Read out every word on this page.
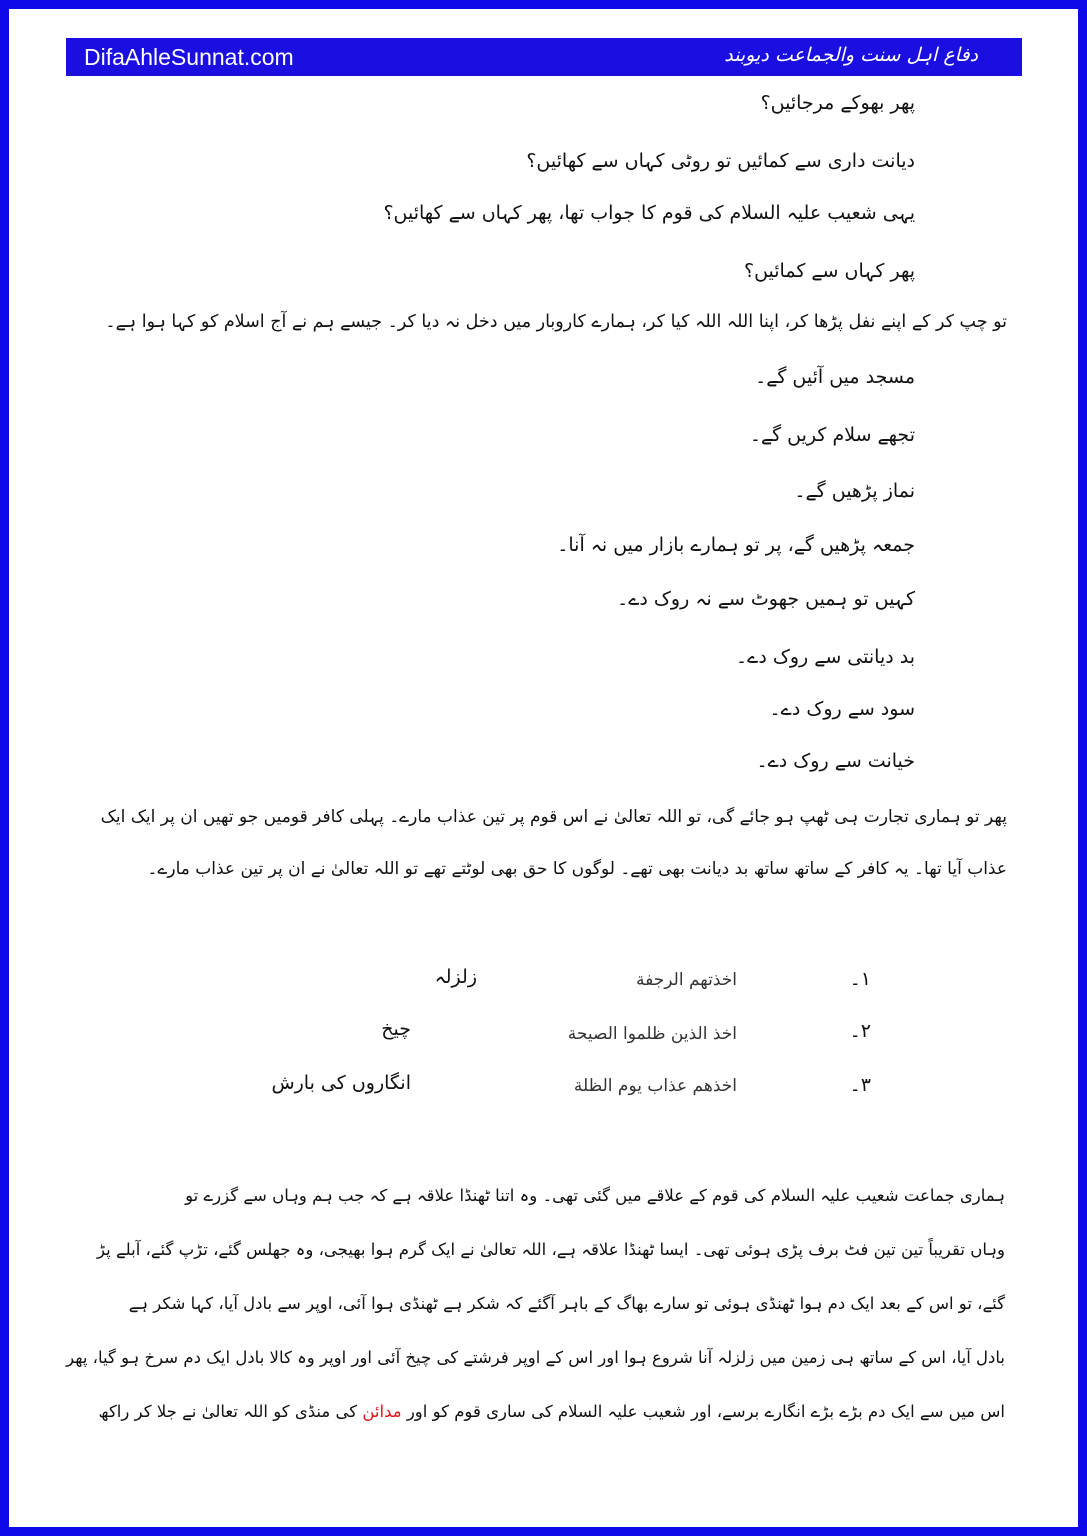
DifaAhleSunnat.com	دفاع اہل سنت والجماعت دیوبند
پھر بھوکے مرجائیں؟
دیانت داری سے کمائیں تو روٹی کہاں سے کھائیں؟
یہی شعیب علیہ السلام کی قوم کا جواب تھا، پھر کہاں سے کھائیں؟
پھر کہاں سے کمائیں؟
تو چپ کر کے اپنے نفل پڑھا کر، اپنا اللہ اللہ کیا کر، ہمارے کاروبار میں دخل نہ دیا کر۔ جیسے ہم نے آج اسلام کو کہا ہوا ہے۔
مسجد میں آئیں گے۔
تجھے سلام کریں گے۔
نماز پڑھیں گے۔
جمعہ پڑھیں گے، پر تو ہمارے بازار میں نہ آنا۔
کہیں تو ہمیں جھوٹ سے نہ روک دے۔
بد دیانتی سے روک دے۔
سود سے روک دے۔
خیانت سے روک دے۔
پھر تو ہماری تجارت ہی ٹھپ ہو جائے گی، تو اللہ تعالیٰ نے اس قوم پر تین عذاب مارے۔ پہلی کافر قومیں جو تھیں ان پر ایک ایک
عذاب آیا تھا۔ یہ کافر کے ساتھ ساتھ بد دیانت بھی تھے۔ لوگوں کا حق بھی لوٹتے تھے تو اللہ تعالیٰ نے ان پر تین عذاب مارے۔
١۔
اخذتهم الرجفة
زلزلہ
٢۔
اخذ الذين ظلموا الصيحة
چیخ
٣۔
اخذهم عذاب يوم الظلة
انگاروں کی بارش
ہماری جماعت شعیب علیہ السلام کی قوم کے علاقے میں گئی تھی۔ وہ اتنا ٹھنڈا علاقہ ہے کہ جب ہم وہاں سے گزرے تو
وہاں تقریباً تین تین فٹ برف پڑی ہوئی تھی۔ ایسا ٹھنڈا علاقہ ہے، اللہ تعالیٰ نے ایک گرم ہوا بھیجی، وہ جھلس گئے، تڑپ گئے، آبلے پڑ
گئے، تو اس کے بعد ایک دم ہوا ٹھنڈی ہوئی تو سارے بھاگ کے باہر آگئے کہ شکر ہے ٹھنڈی ہوا آئی، اوپر سے بادل آیا، کہا شکر ہے
بادل آیا، اس کے ساتھ ہی زمین میں زلزلہ آنا شروع ہوا اور اس کے اوپر فرشتے کی چیخ آئی اور اوپر وہ کالا بادل ایک دم سرخ ہو گیا، پھر
اس میں سے ایک دم بڑے بڑے انگارے برسے، اور شعیب علیہ السلام کی ساری قوم کو اور مدائن کی منڈی کو اللہ تعالیٰ نے جلا کر راکھ
